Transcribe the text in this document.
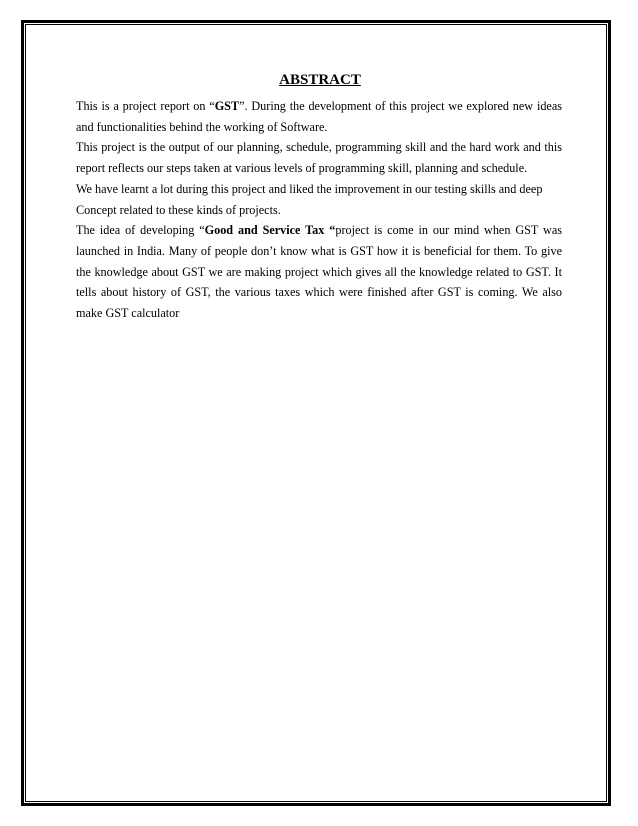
ABSTRACT

This is a project report on “GST”. During the development of this project we explored new ideas

and functionalities behind the working of Software.

This project is the output of our planning, schedule, programming skill and the hard work and this

report reflects our steps taken at various levels of programming skill, planning and schedule.

We have learnt a lot during this project and liked the improvement in our testing skills and deep

Concept related to these kinds of projects.

The idea of developing “Good and Service Tax “project is come in our mind when GST was

launched in India. Many of people don’t know what is GST how it is beneficial for them. To give

the knowledge about GST we are making project which gives all the knowledge related to GST. It

tells about history of GST, the various taxes which were finished after GST is coming. We also

make GST calculator
